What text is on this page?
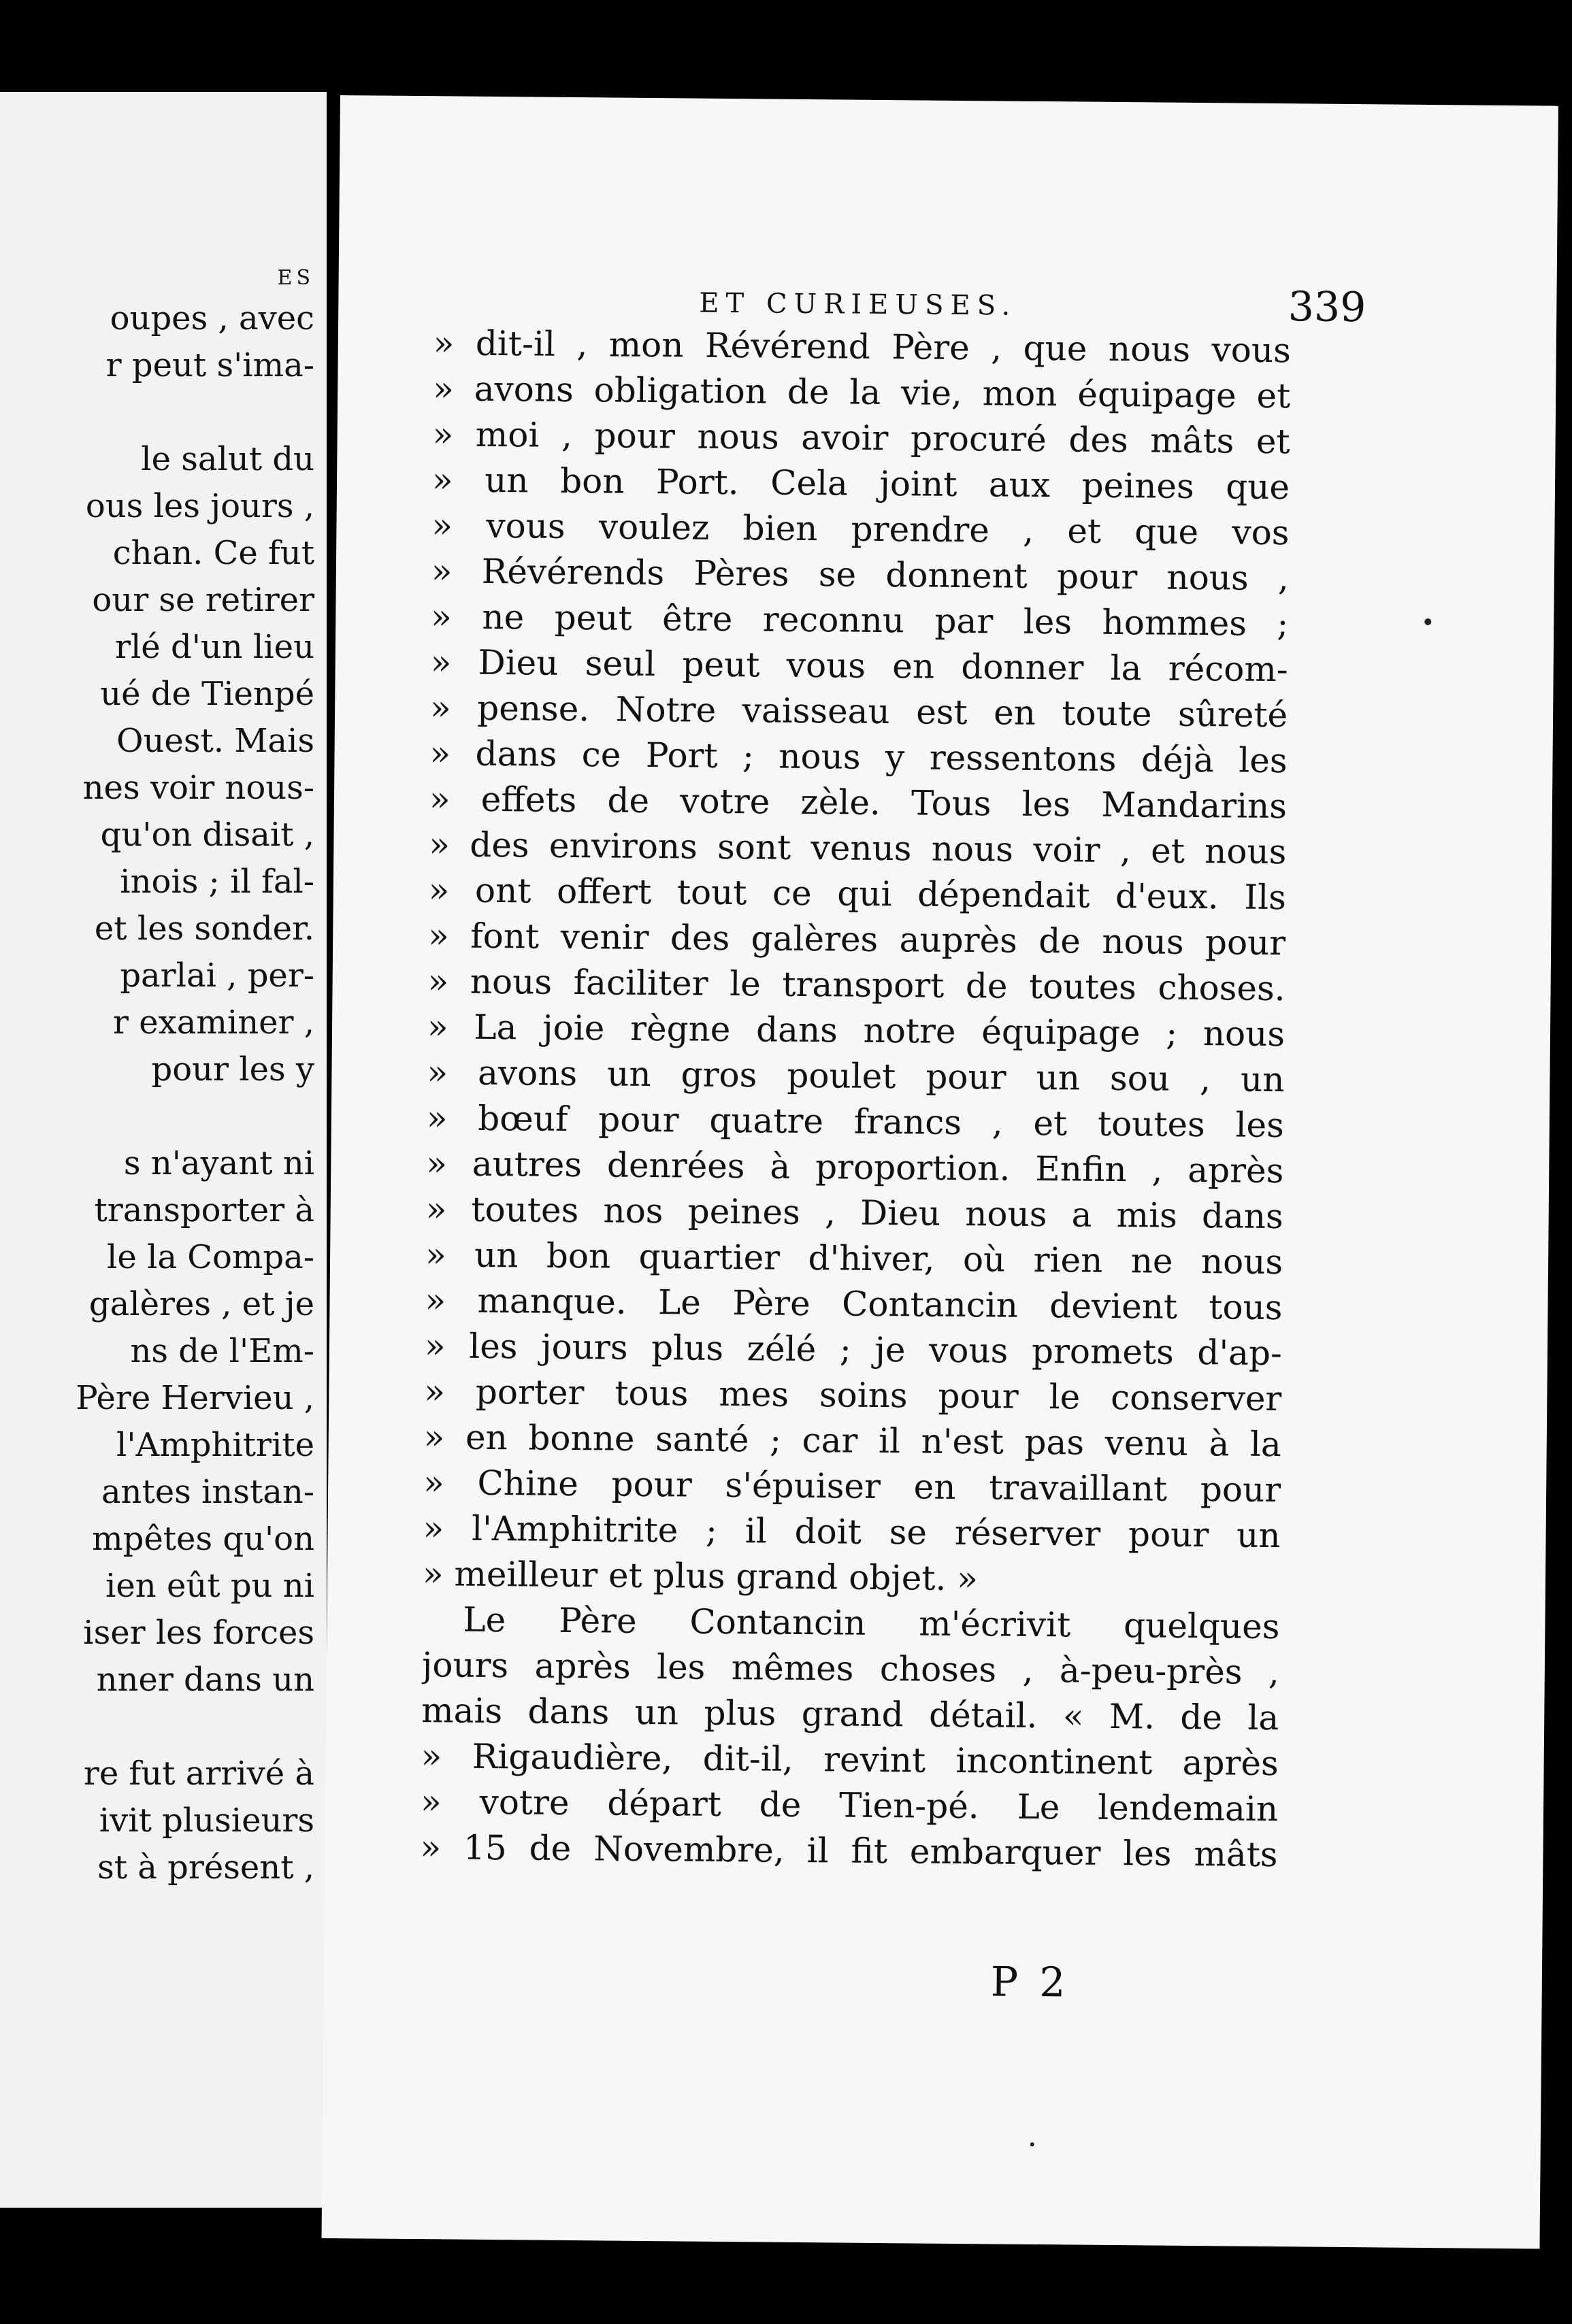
ES
oupes , avec
r peut s'ima-
le salut du
ous les jours ,
chan. Ce fut
our se retirer
rlé d'un lieu
ué de Tienpé
Ouest. Mais
nes voir nous-
qu'on disait ,
inois ; il fal-
et les sonder.
parlai , per-
r examiner ,
pour les y
s n'ayant ni
transporter à
le la Compa-
galères , et je
ns de l'Em-
Père Hervieu ,
l'Amphitrite
antes instan-
mpêtes qu'on
ien eût pu ni
iser les forces
nner dans un
re fut arrivé à
ivit plusieurs
st à présent ,
ET CURIEUSES.	339
» dit-il , mon Révérend Père , que nous vous
» avons obligation de la vie, mon équipage et
» moi , pour nous avoir procuré des mâts et
» un bon Port. Cela joint aux peines que
» vous voulez bien prendre , et que vos
» Révérends Pères se donnent pour nous ,
» ne peut être reconnu par les hommes ;
» Dieu seul peut vous en donner la récom-
» pense. Notre vaisseau est en toute sûreté
» dans ce Port ; nous y ressentons déjà les
» effets de votre zèle. Tous les Mandarins
» des environs sont venus nous voir , et nous
» ont offert tout ce qui dépendait d'eux. Ils
» font venir des galères auprès de nous pour
» nous faciliter le transport de toutes choses.
» La joie règne dans notre équipage ; nous
» avons un gros poulet pour un sou , un
» bœuf pour quatre francs , et toutes les
» autres denrées à proportion. Enfin , après
» toutes nos peines , Dieu nous a mis dans
» un bon quartier d'hiver, où rien ne nous
» manque. Le Père Contancin devient tous
» les jours plus zélé ; je vous promets d'ap-
» porter tous mes soins pour le conserver
» en bonne santé ; car il n'est pas venu à la
» Chine pour s'épuiser en travaillant pour
» l'Amphitrite ; il doit se réserver pour un
» meilleur et plus grand objet. »
Le Père Contancin m'écrivit quelques
jours après les mêmes choses , à-peu-près ,
mais dans un plus grand détail. « M. de la
» Rigaudière, dit-il, revint incontinent après
» votre départ de Tien-pé. Le lendemain
» 15 de Novembre, il fit embarquer les mâts
P 2
